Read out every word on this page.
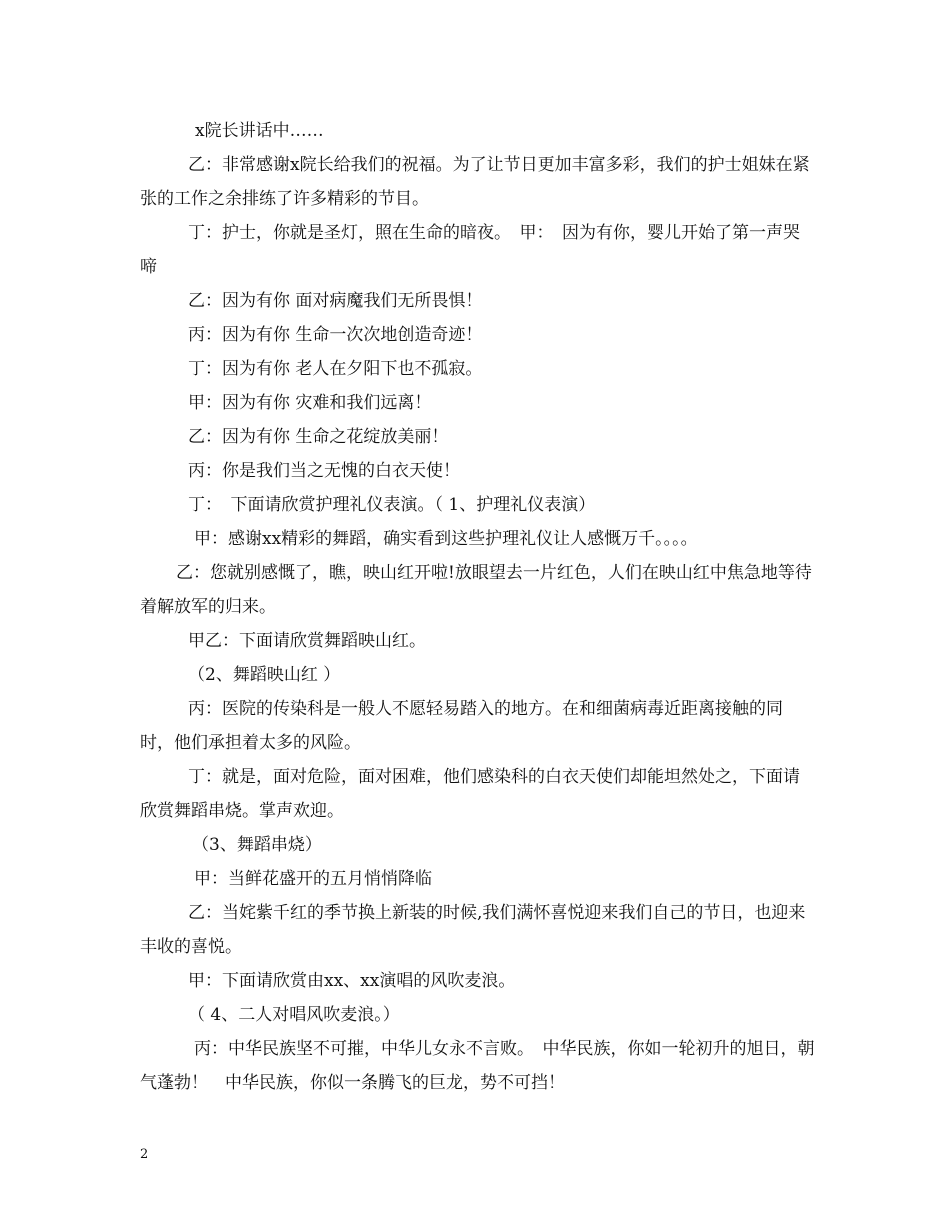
x院长讲话中……

乙：非常感谢x院长给我们的祝福。为了让节日更加丰富多彩，我们的护士姐妹在紧张的工作之余排练了许多精彩的节目。

丁：护士，你就是圣灯，照在生命的暗夜。　甲：　因为有你，婴儿开始了第一声哭啼

乙：因为有你 面对病魔我们无所畏惧！

丙：因为有你 生命一次次地创造奇迹！

丁：因为有你 老人在夕阳下也不孤寂。

甲：因为有你 灾难和我们远离！

乙：因为有你 生命之花绽放美丽！

丙：你是我们当之无愧的白衣天使！

丁：　下面请欣赏护理礼仪表演。（ 1、护理礼仪表演）

甲：感谢xx精彩的舞蹈，确实看到这些护理礼仪让人感慨万千。。。。

乙：您就别感慨了，瞧，映山红开啦!放眼望去一片红色，人们在映山红中焦急地等待着解放军的归来。

甲乙：下面请欣赏舞蹈映山红。

（2、舞蹈映山红 ）

丙：医院的传染科是一般人不愿轻易踏入的地方。在和细菌病毒近距离接触的同时，他们承担着太多的风险。

丁：就是，面对危险，面对困难，他们感染科的白衣天使们却能坦然处之，下面请欣赏舞蹈串烧。掌声欢迎。

（3、舞蹈串烧）

甲：当鲜花盛开的五月悄悄降临

乙：当姹紫千红的季节换上新装的时候,我们满怀喜悦迎来我们自己的节日，也迎来丰收的喜悦。

甲：下面请欣赏由xx、xx演唱的风吹麦浪。

（ 4、二人对唱风吹麦浪。）

丙：中华民族坚不可摧，中华儿女永不言败。　中华民族，你如一轮初升的旭日，朝气蓬勃！　中华民族，你似一条腾飞的巨龙，势不可挡！

2
